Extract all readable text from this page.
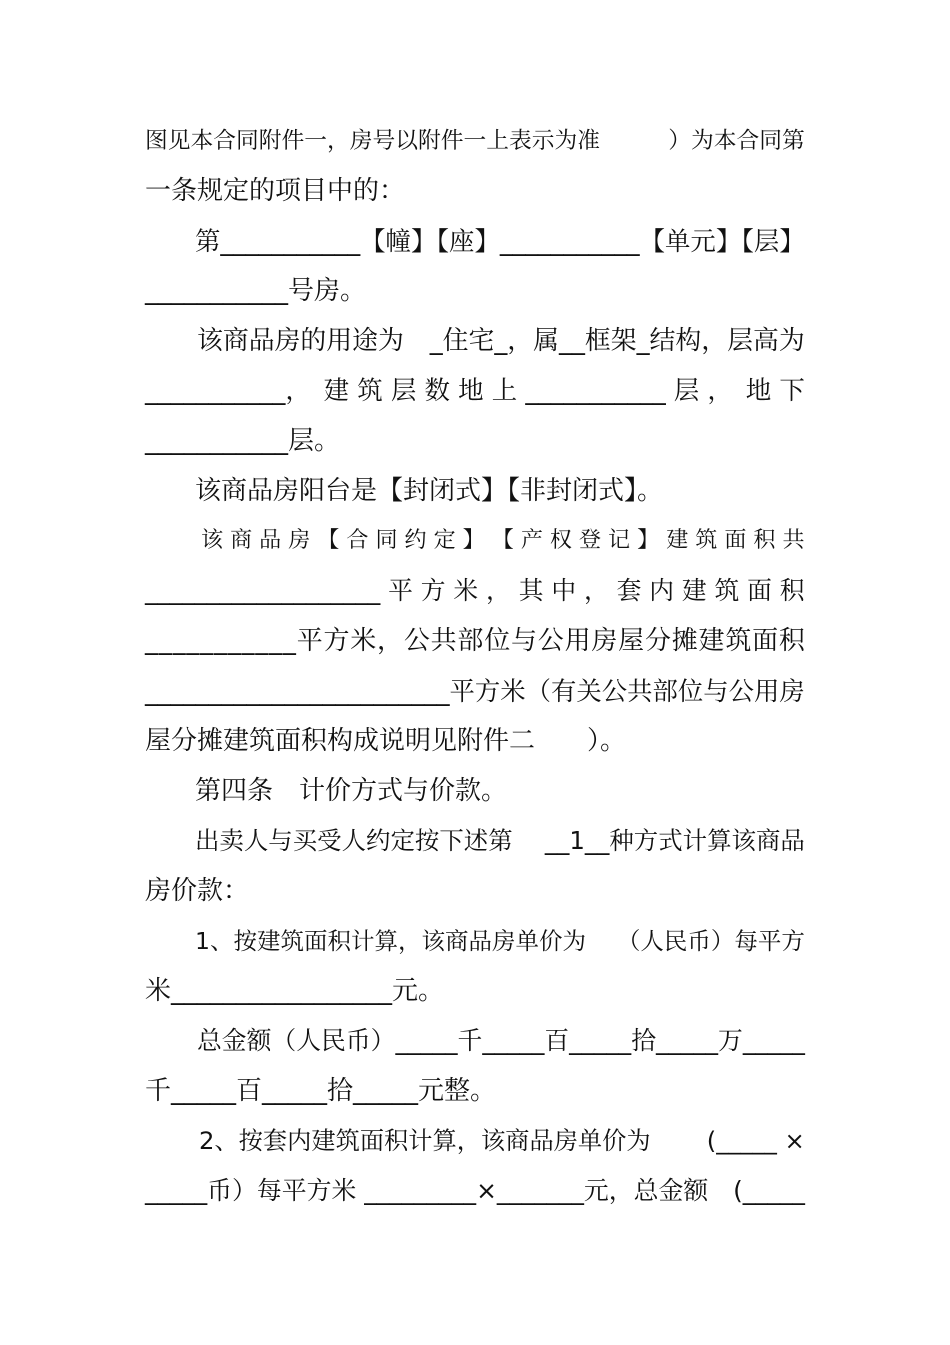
图见本合同附件一，房号以附件一上表示为准　　　）为本合同第
一条规定的项目中的：
第___________【幢】【座】___________【单元】【层】
___________号房。
该商品房的用途为　_住宅_，属__框架_结构，层高为
___________，　建 筑 层 数 地 上 ___________ 层 ，　地 下
___________层。
该商品房阳台是【封闭式】【非封闭式】。
该 商 品 房 【 合 同 约 定 】 【 产 权 登 记 】 建 筑 面 积 共
___________________ 平 方 米 ， 其 中 ， 套 内 建 筑 面 积
___________平方米，公共部位与公用房屋分摊建筑面积
________________________平方米（有关公共部位与公用房
屋分摊建筑面积构成说明见附件二　　）。
第四条　计价方式与价款。
出卖人与买受人约定按下述第　 __1__种方式计算该商品
房价款：
1、按建筑面积计算，该商品房单价为　 （人民币）每平方
米_________________元。
总金额（人民币）_____千_____百_____拾_____万_____
千_____百_____拾_____元整。
2、按套内建筑面积计算，该商品房单价为　　 (_____ ×
_____币）每平方米 _________×_______元，总金额　(_____
